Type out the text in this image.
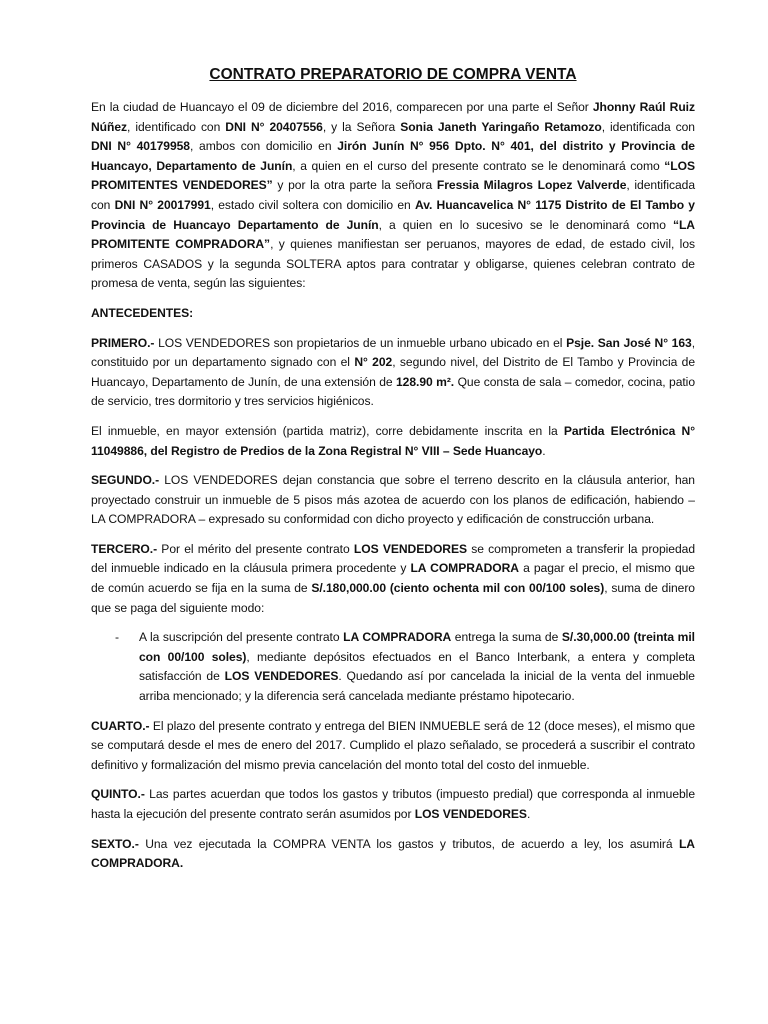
CONTRATO PREPARATORIO DE COMPRA VENTA

En la ciudad de Huancayo el 09 de diciembre del 2016, comparecen por una parte el Señor Jhonny Raúl Ruiz Núñez, identificado con DNI N° 20407556, y la Señora Sonia Janeth Yaringaño Retamozo, identificada con DNI N° 40179958, ambos con domicilio en Jirón Junín N° 956 Dpto. N° 401, del distrito y Provincia de Huancayo, Departamento de Junín, a quien en el curso del presente contrato se le denominará como “LOS PROMITENTES VENDEDORES” y por la otra parte la señora Fressia Milagros Lopez Valverde, identificada con DNI N° 20017991, estado civil soltera con domicilio en Av. Huancavelica N° 1175 Distrito de El Tambo y Provincia de Huancayo Departamento de Junín, a quien en lo sucesivo se le denominará como “LA PROMITENTE COMPRADORA”, y quienes manifiestan ser peruanos, mayores de edad, de estado civil, los primeros CASADOS y la segunda SOLTERA aptos para contratar y obligarse, quienes celebran contrato de promesa de venta, según las siguientes:

ANTECEDENTES:

PRIMERO.- LOS VENDEDORES son propietarios de un inmueble urbano ubicado en el Psje. San José N° 163, constituido por un departamento signado con el N° 202, segundo nivel, del Distrito de El Tambo y Provincia de Huancayo, Departamento de Junín, de una extensión de 128.90 m². Que consta de sala – comedor, cocina, patio de servicio, tres dormitorio y tres servicios higiénicos.

El inmueble, en mayor extensión (partida matriz), corre debidamente inscrita en la Partida Electrónica N° 11049886, del Registro de Predios de la Zona Registral N° VIII – Sede Huancayo.

SEGUNDO.- LOS VENDEDORES dejan constancia que sobre el terreno descrito en la cláusula anterior, han proyectado construir un inmueble de 5 pisos más azotea de acuerdo con los planos de edificación, habiendo – LA COMPRADORA – expresado su conformidad con dicho proyecto y edificación de construcción urbana.

TERCERO.- Por el mérito del presente contrato LOS VENDEDORES se comprometen a transferir la propiedad del inmueble indicado en la cláusula primera procedente y LA COMPRADORA a pagar el precio, el mismo que de común acuerdo se fija en la suma de S/.180,000.00 (ciento ochenta mil con 00/100 soles), suma de dinero que se paga del siguiente modo:

- A la suscripción del presente contrato LA COMPRADORA entrega la suma de S/.30,000.00 (treinta mil con 00/100 soles), mediante depósitos efectuados en el Banco Interbank, a entera y completa satisfacción de LOS VENDEDORES. Quedando así por cancelada la inicial de la venta del inmueble arriba mencionado; y la diferencia será cancelada mediante préstamo hipotecario.

CUARTO.- El plazo del presente contrato y entrega del BIEN INMUEBLE será de 12 (doce meses), el mismo que se computará desde el mes de enero del 2017. Cumplido el plazo señalado, se procederá a suscribir el contrato definitivo y formalización del mismo previa cancelación del monto total del costo del inmueble.

QUINTO.- Las partes acuerdan que todos los gastos y tributos (impuesto predial) que corresponda al inmueble hasta la ejecución del presente contrato serán asumidos por LOS VENDEDORES.

SEXTO.- Una vez ejecutada la COMPRA VENTA los gastos y tributos, de acuerdo a ley, los asumirá LA COMPRADORA.
